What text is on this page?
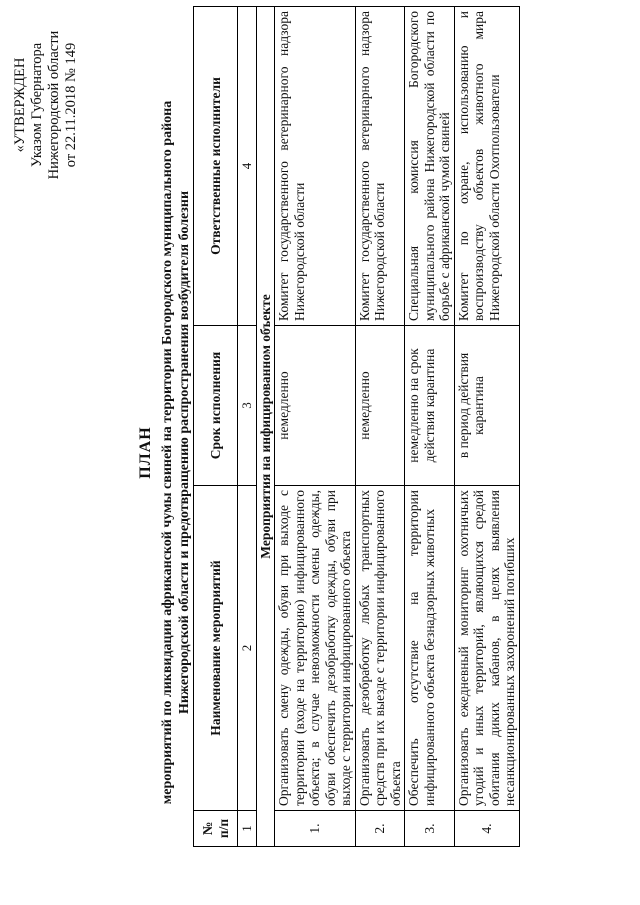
«УТВЕРЖДЕН Указом Губернатора Нижегородской области от 22.11.2018 № 149
ПЛАН мероприятий по ликвидации африканской чумы свиней на территории Богородского муниципального района Нижегородской области и предотвращению распространения возбудителя болезни
№ п/п	Наименование мероприятий	Срок исполнения	Ответственные исполнители
1	2	3	4
Мероприятия на инфицированном объекте			
1.	Организовать смену одежды, обуви при выходе с территории (входе на территорию) инфицированного объекта; в случае невозможности смены одежды, обуви обеспечить дезобработку одежды, обуви при выходе с территории инфицированного объекта	немедленно	Комитет государственного ветеринарного надзора Нижегородской области
2.	Организовать дезобработку любых транспортных средств при их выезде с территории инфицированного объекта	немедленно	Комитет государственного ветеринарного надзора Нижегородской области
3.	Обеспечить отсутствие на территории инфицированного объекта безнадзорных животных	немедленно на срок действия карантина	Специальная комиссия Богородского муниципального района Нижегородской области по борьбе с африканской чумой свиней
4.	Организовать ежедневный мониторинг охотничьих угодий и иных территорий, являющихся средой обитания диких кабанов, в целях выявления несанкционированных захоронений погибших	в период действия карантина	Комитет по охране, использованию и воспроизводству объектов животного мира Нижегородской области Охотпользователи
